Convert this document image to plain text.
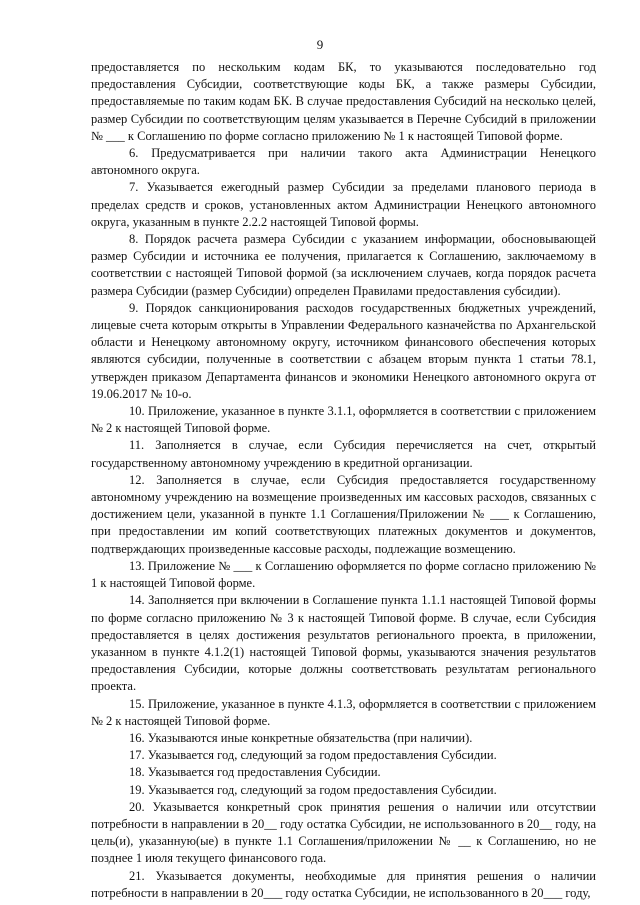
9

предоставляется по нескольким кодам БК, то указываются последовательно год предоставления Субсидии, соответствующие коды БК, а также размеры Субсидии, предоставляемые по таким кодам БК. В случае предоставления Субсидий на несколько целей, размер Субсидии по соответствующим целям указывается в Перечне Субсидий в приложении № ___ к Соглашению по форме согласно приложению № 1 к настоящей Типовой форме.

6. Предусматривается при наличии такого акта Администрации Ненецкого автономного округа.

7. Указывается ежегодный размер Субсидии за пределами планового периода в пределах средств и сроков, установленных актом Администрации Ненецкого автономного округа, указанным в пункте 2.2.2 настоящей Типовой формы.

8. Порядок расчета размера Субсидии с указанием информации, обосновывающей размер Субсидии и источника ее получения, прилагается к Соглашению, заключаемому в соответствии с настоящей Типовой формой (за исключением случаев, когда порядок расчета размера Субсидии (размер Субсидии) определен Правилами предоставления субсидии).

9. Порядок санкционирования расходов государственных бюджетных учреждений, лицевые счета которым открыты в Управлении Федерального казначейства по Архангельской области и Ненецкому автономному округу, источником финансового обеспечения которых являются субсидии, полученные в соответствии с абзацем вторым пункта 1 статьи 78.1, утвержден приказом Департамента финансов и экономики Ненецкого автономного округа от 19.06.2017 № 10-о.

10. Приложение, указанное в пункте 3.1.1, оформляется в соответствии с приложением № 2 к настоящей Типовой форме.

11. Заполняется в случае, если Субсидия перечисляется на счет, открытый государственному автономному учреждению в кредитной организации.

12. Заполняется в случае, если Субсидия предоставляется государственному автономному учреждению на возмещение произведенных им кассовых расходов, связанных с достижением цели, указанной в пункте 1.1 Соглашения/Приложении № ___ к Соглашению, при предоставлении им копий соответствующих платежных документов и документов, подтверждающих произведенные кассовые расходы, подлежащие возмещению.

13. Приложение № ___ к Соглашению оформляется по форме согласно приложению № 1 к настоящей Типовой форме.

14. Заполняется при включении в Соглашение пункта 1.1.1 настоящей Типовой формы по форме согласно приложению № 3 к настоящей Типовой форме. В случае, если Субсидия предоставляется в целях достижения результатов регионального проекта, в приложении, указанном в пункте 4.1.2(1) настоящей Типовой формы, указываются значения результатов предоставления Субсидии, которые должны соответствовать результатам регионального проекта.

15. Приложение, указанное в пункте 4.1.3, оформляется в соответствии с приложением № 2 к настоящей Типовой форме.

16. Указываются иные конкретные обязательства (при наличии).

17. Указывается год, следующий за годом предоставления Субсидии.

18. Указывается год предоставления Субсидии.

19. Указывается год, следующий за годом предоставления Субсидии.

20. Указывается конкретный срок принятия решения о наличии или отсутствии потребности в направлении в 20__ году остатка Субсидии, не использованного в 20__ году, на цель(и), указанную(ые) в пункте 1.1 Соглашения/приложении № __ к Соглашению, но не позднее 1 июля текущего финансового года.

21. Указывается документы, необходимые для принятия решения о наличии потребности в направлении в 20___ году остатка Субсидии, не использованного в 20___ году,
